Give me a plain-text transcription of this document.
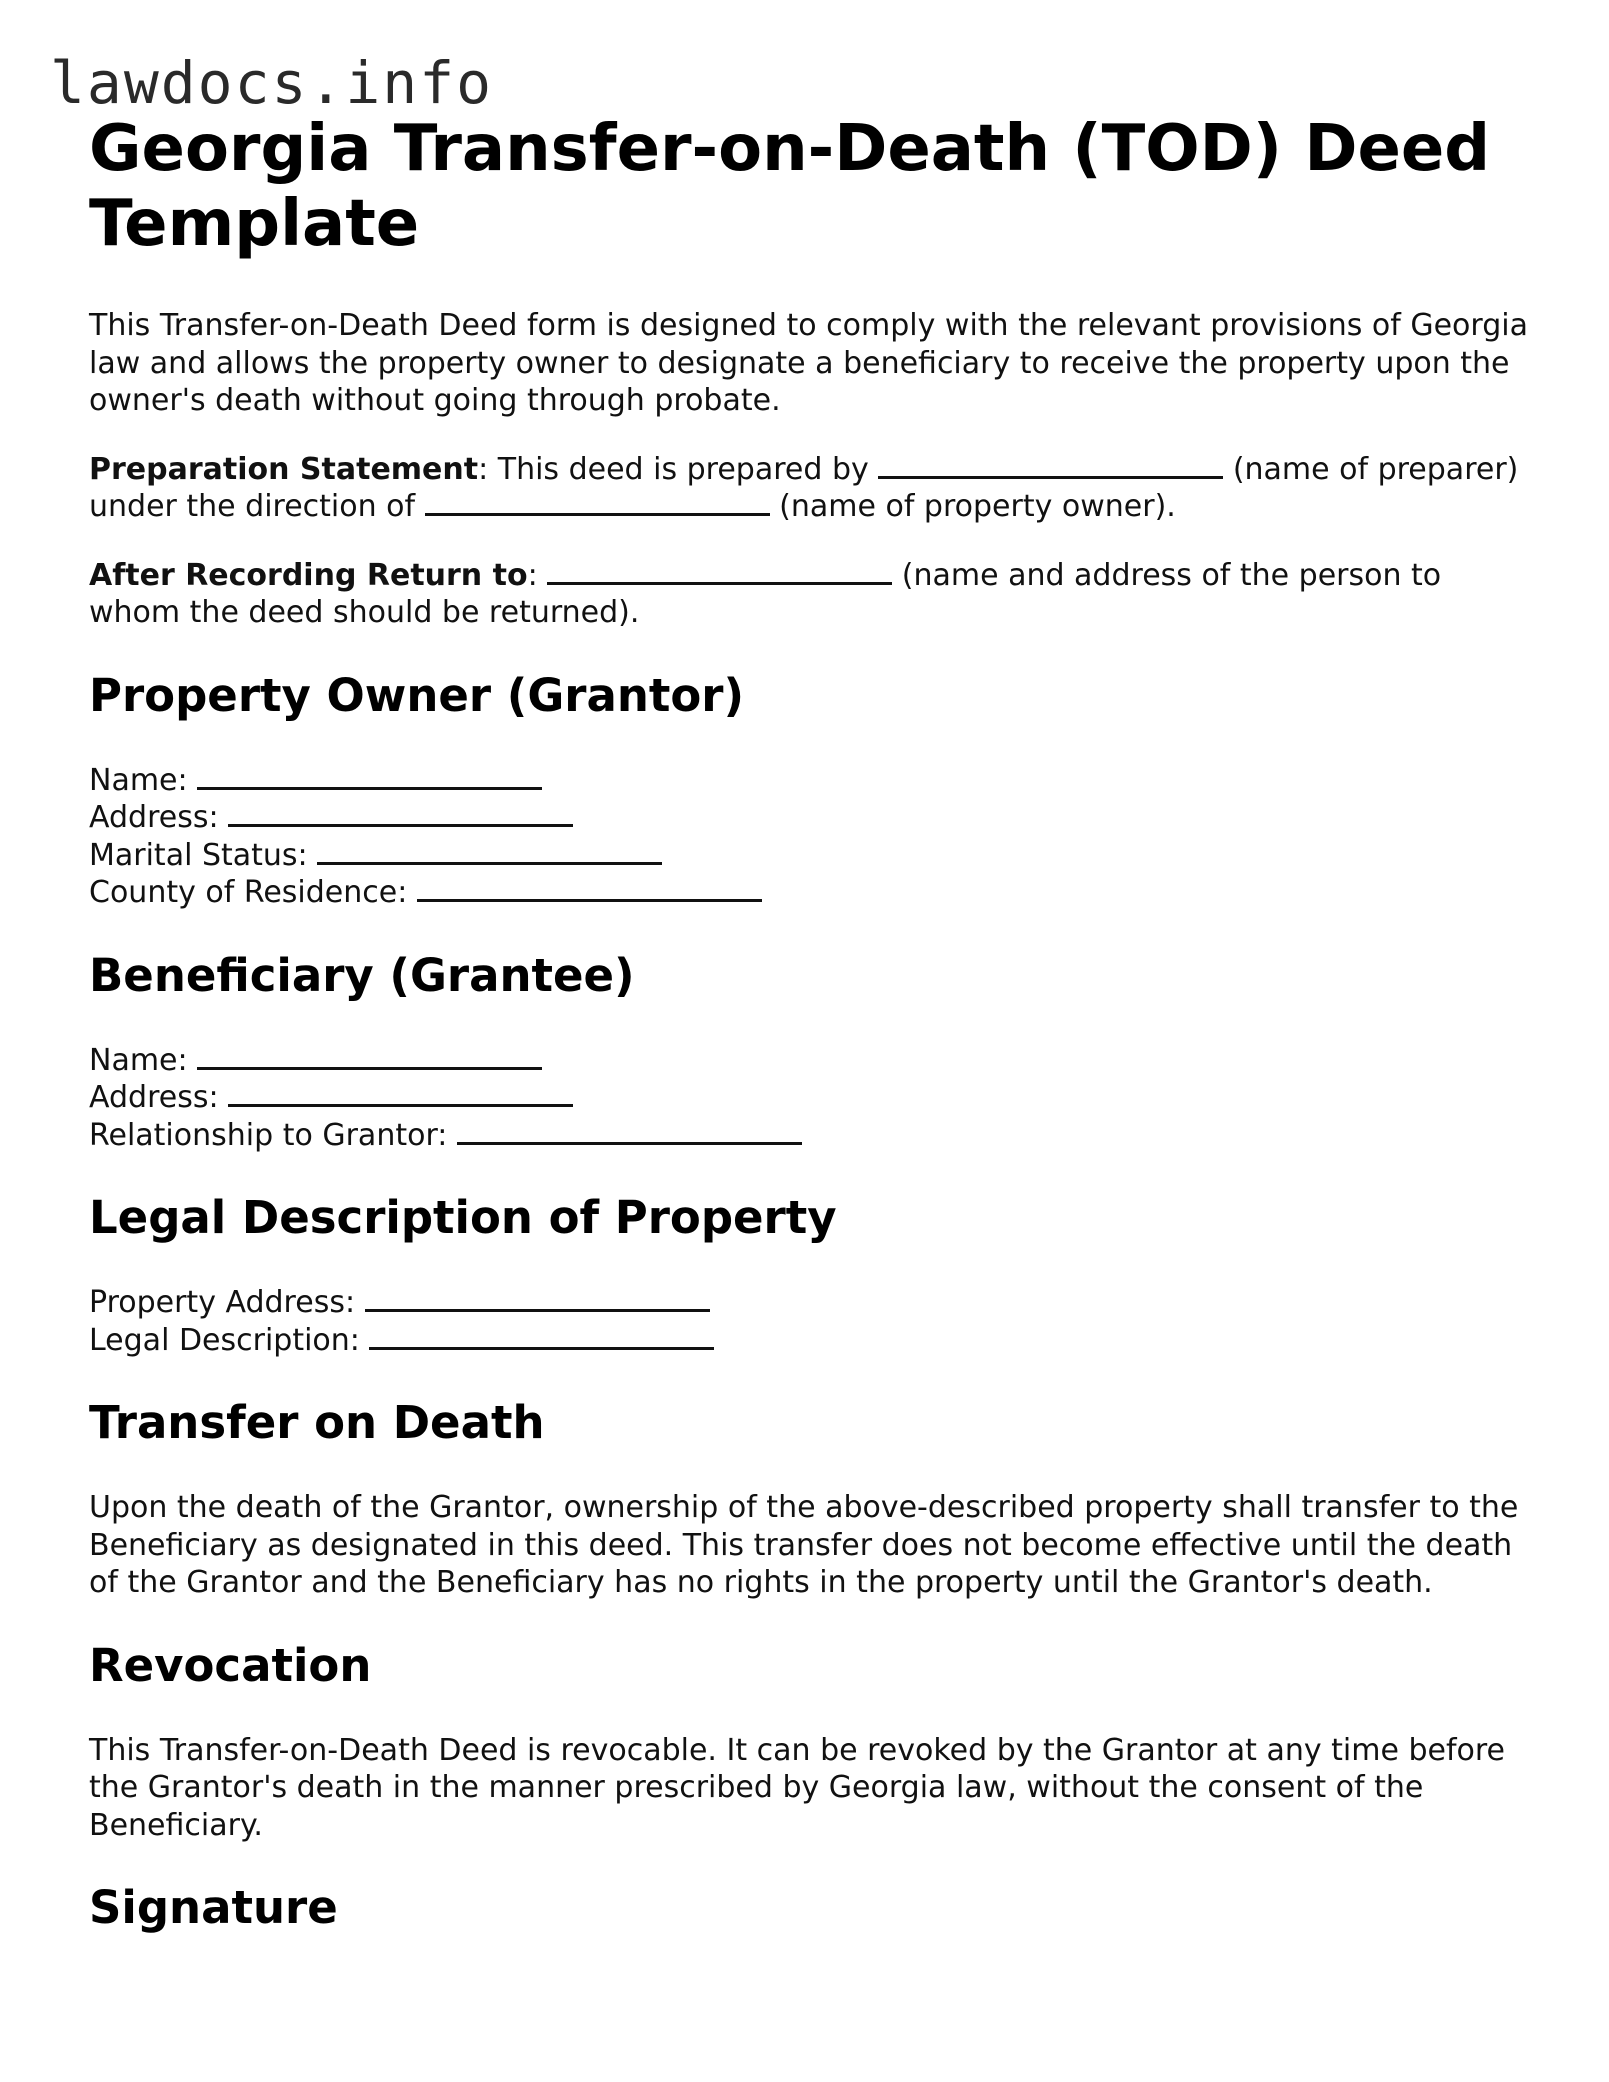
lawdocs.info
Georgia Transfer-on-Death (TOD) Deed Template

This Transfer-on-Death Deed form is designed to comply with the relevant provisions of Georgia law and allows the property owner to designate a beneficiary to receive the property upon the owner's death without going through probate.

Preparation Statement: This deed is prepared by	(name of preparer) under the direction of	(name of property owner).

After Recording Return to:	(name and address of the person to whom the deed should be returned).

Property Owner (Grantor)

Name:

Address:

Marital Status:

County of Residence:

Beneficiary (Grantee)

Name:

Address:

Relationship to Grantor:

Legal Description of Property

Property Address:

Legal Description:

Transfer on Death

Upon the death of the Grantor, ownership of the above-described property shall transfer to the Beneficiary as designated in this deed. This transfer does not become effective until the death of the Grantor and the Beneficiary has no rights in the property until the Grantor's death.

Revocation

This Transfer-on-Death Deed is revocable. It can be revoked by the Grantor at any time before the Grantor's death in the manner prescribed by Georgia law, without the consent of the Beneficiary.

Signature
